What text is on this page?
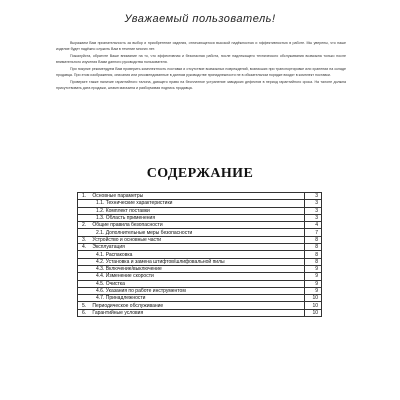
Уважаемый пользователь!

Выражаем Вам признательность за выбор и приобретение изделия, отличающегося высокой надёжностью и эффективностью в работе. Мы уверены, что наше изделие будет надёжно служить Вам в течение многих лет.

Пожалуйста, обратите Ваше внимание на то, что эффективная и безопасная работа, после надлежащего технического обслуживания возможна только после внимательного изучения Вами данного руководства пользователя.

При покупке рекомендуем Вам проверить комплектность поставки и отсутствие возможных повреждений, возникших при транспортировке или хранении на складе продавца. При этом изображения, описания или рекомендованные в данном руководстве принадлежности не в обязательном порядке входят в комплект поставки.

Проверьте также наличие гарантийного талона, дающего право на бесплатное устранение заводских дефектов в период гарантийного срока. На талоне должна присутствовать дата продажи, штамп магазина и разборчивая подпись продавца.

СОДЕРЖАНИЕ
1. Основные параметры	3
1.1. Технические характеристики	3
1.2. Комплект поставки	3
1.3. Область применения	3
2. Общие правила безопасности	4
2.1. Дополнительные меры безопасности	7
3. Устройство и основные части	8
4. Эксплуатация	8
4.1. Распаковка	8
4.2. Установка и замена штифтов/шлифовальной пилы	8
4.3. Включение/выключение	9
4.4. Изменение скорости	9
4.5. Очистка	9
4.6. Указания по работе инструментом	9
4.7. Принадлежности	10
5. Периодическое обслуживание	10
6. Гарантийные условия	10
